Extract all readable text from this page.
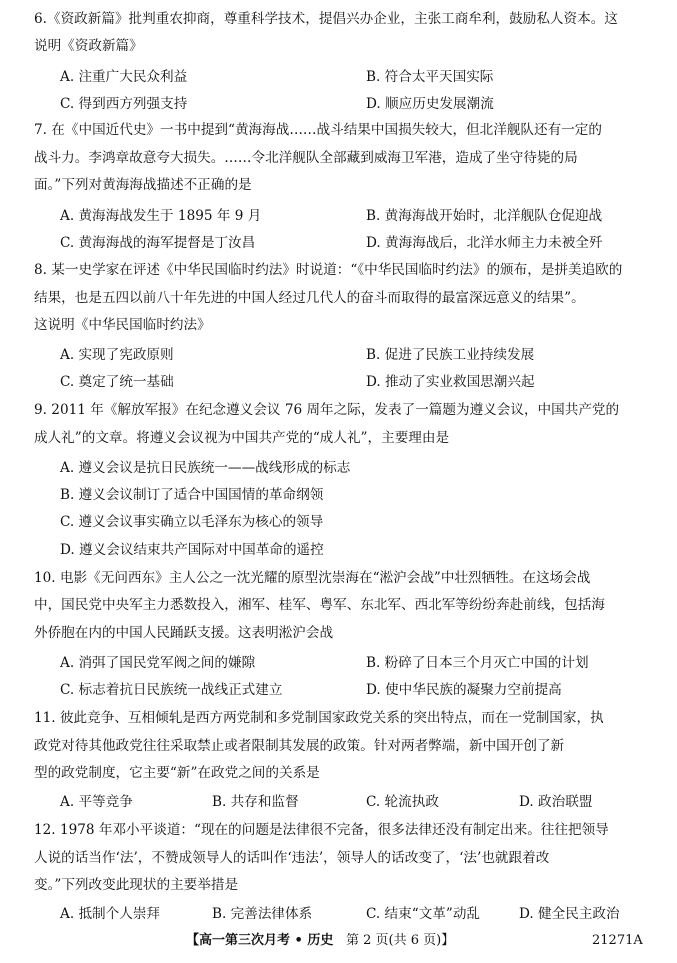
6.《资政新篇》批判重农抑商，尊重科学技术，提倡兴办企业，主张工商牟利，鼓励私人资本。这
说明《资政新篇》
A. 注重广大民众利益	B. 符合太平天国实际
C. 得到西方列强支持	D. 顺应历史发展潮流
7. 在《中国近代史》一书中提到“黄海海战……战斗结果中国损失较大，但北洋舰队还有一定的
战斗力。李鸿章故意夸大损失。……令北洋舰队全部藏到威海卫军港，造成了坐守待毙的局
面。”下列对黄海海战描述不正确的是
A. 黄海海战发生于 1895 年 9 月	B. 黄海海战开始时，北洋舰队仓促迎战
C. 黄海海战的海军提督是丁汝昌	D. 黄海海战后，北洋水师主力未被全歼
8. 某一史学家在评述《中华民国临时约法》时说道：“《中华民国临时约法》的颁布，是拼美追欧的
结果，也是五四以前八十年先进的中国人经过几代人的奋斗而取得的最富深远意义的结果”。
这说明《中华民国临时约法》
A. 实现了宪政原则	B. 促进了民族工业持续发展
C. 奠定了统一基础	D. 推动了实业救国思潮兴起
9. 2011 年《解放军报》在纪念遵义会议 76 周年之际，发表了一篇题为遵义会议，中国共产党的
成人礼”的文章。将遵义会议视为中国共产党的“成人礼”，主要理由是
A. 遵义会议是抗日民族统一——战线形成的标志
B. 遵义会议制订了适合中国国情的革命纲领
C. 遵义会议事实确立以毛泽东为核心的领导
D. 遵义会议结束共产国际对中国革命的遥控
10. 电影《无问西东》主人公之一沈光耀的原型沈崇海在“淞沪会战”中壮烈牺牲。在这场会战
中，国民党中央军主力悉数投入，湘军、桂军、粤军、东北军、西北军等纷纷奔赴前线，包括海
外侨胞在内的中国人民踊跃支援。这表明淞沪会战
A. 消弭了国民党军阀之间的嫌隙	B. 粉碎了日本三个月灭亡中国的计划
C. 标志着抗日民族统一战线正式建立	D. 使中华民族的凝聚力空前提高
11. 彼此竞争、互相倾轧是西方两党制和多党制国家政党关系的突出特点，而在一党制国家，执
政党对待其他政党往往采取禁止或者限制其发展的政策。针对两者弊端，新中国开创了新
型的政党制度，它主要“新”在政党之间的关系是
A. 平等竞争	B. 共存和监督	C. 轮流执政	D. 政治联盟
12. 1978 年邓小平谈道：“现在的问题是法律很不完备，很多法律还没有制定出来。往往把领导
人说的话当作‘法’，不赞成领导人的话叫作‘违法’，领导人的话改变了，‘法’也就跟着改
变。”下列改变此现状的主要举措是
A. 抵制个人崇拜	B. 完善法律体系	C. 结束“文革”动乱	D. 健全民主政治
【高一第三次月考 • 历史 第 2 页(共 6 页)】	21271A
